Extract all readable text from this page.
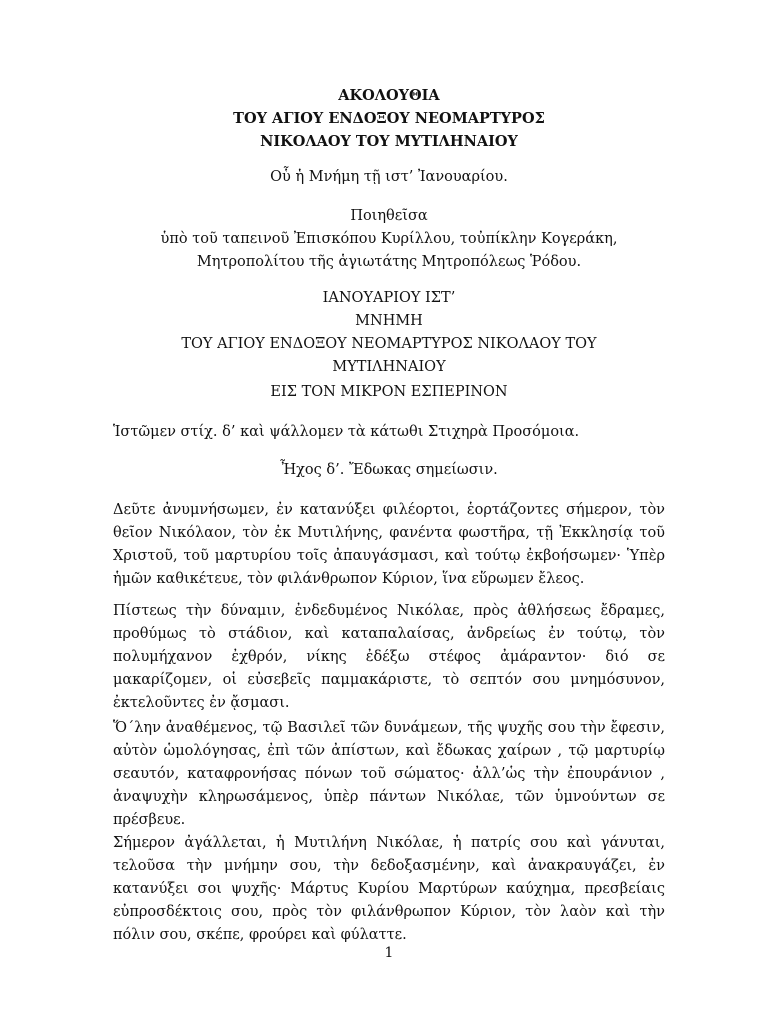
ΑΚΟΛΟΥΘΙΑ
ΤΟΥ ΑΓΙΟΥ ΕΝΔΟΞΟΥ ΝΕΟΜΑΡΤΥΡΟΣ
ΝΙΚΟΛΑΟΥ ΤΟΥ ΜΥΤΙΛΗΝΑΙΟΥ
Οὗ ἡ Μνήμη τῇ ιστ’ Ἰανουαρίου.
Ποιηθεῖσα
ὑπὸ τοῦ ταπεινοῦ Ἐπισκόπου Κυρίλλου, τοὐπίκλην Κογεράκη,
Μητροπολίτου τῆς ἁγιωτάτης Μητροπόλεως Ῥόδου.
ΙΑΝΟΥΑΡΙΟΥ ΙΣΤ’
ΜΝΗΜΗ
ΤΟΥ ΑΓΙΟΥ ΕΝΔΟΞΟΥ ΝΕΟΜΑΡΤΥΡΟΣ ΝΙΚΟΛΑΟΥ ΤΟΥ
ΜΥΤΙΛΗΝΑΙΟΥ
ΕΙΣ ΤΟΝ ΜΙΚΡΟΝ ΕΣΠΕΡΙΝΟΝ
Ἱστῶμεν στίχ. δ’ καὶ ψάλλομεν τὰ κάτωθι Στιχηρὰ Προσόμοια.
Ἦχος δ’. Ἔδωκας σημείωσιν.
Δεῦτε ἀνυμνήσωμεν, ἐν κατανύξει φιλέορτοι, ἑορτάζοντες σήμερον, τὸν
θεῖον Νικόλαον, τὸν ἐκ Μυτιλήνης, φανέντα φωστῆρα, τῇ Ἐκκλησίᾳ τοῦ
Χριστοῦ, τοῦ μαρτυρίου τοῖς ἀπαυγάσμασι, καὶ τούτῳ ἐκβοήσωμεν· Ὑπὲρ
ἡμῶν καθικέτευε, τὸν φιλάνθρωπον Κύριον, ἵνα εὕρωμεν ἔλεος.
Πίστεως τὴν δύναμιν, ἐνδεδυμένος Νικόλαε, πρὸς ἀθλήσεως ἔδραμες,
προθύμως τὸ στάδιον, καὶ καταπαλαίσας, ἀνδρείως ἐν τούτῳ, τὸν
πολυμήχανον ἐχθρόν, νίκης ἐδέξω στέφος ἀμάραντον· διό σε
μακαρίζομεν, οἱ εὐσεβεῖς παμμακάριστε, τὸ σεπτόν σου μνημόσυνον,
ἐκτελοῦντες ἐν ᾄσμασι.
Ὅ΄λην ἀναθέμενος, τῷ Βασιλεῖ τῶν δυνάμεων, τῆς ψυχῆς σου τὴν ἔφεσιν,
αὐτὸν ὡμολόγησας, ἐπὶ τῶν ἀπίστων, καὶ ἔδωκας χαίρων , τῷ μαρτυρίῳ
σεαυτόν, καταφρονήσας πόνων τοῦ σώματος· ἀλλ’ὡς τὴν ἐπουράνιον ,
ἀναψυχὴν κληρωσάμενος, ὑπὲρ πάντων Νικόλαε, τῶν ὑμνούντων σε
πρέσβευε.
Σήμερον ἀγάλλεται, ἡ Μυτιλήνη Νικόλαε, ἡ πατρίς σου καὶ γάνυται,
τελοῦσα τὴν μνήμην σου, τὴν δεδοξασμένην, καὶ ἀνακραυγάζει, ἐν
κατανύξει σοι ψυχῆς· Μάρτυς Κυρίου Μαρτύρων καύχημα, πρεσβείαις
εὐπροσδέκτοις σου, πρὸς τὸν φιλάνθρωπον Κύριον, τὸν λαὸν καὶ τὴν
πόλιν σου, σκέπε, φρούρει καὶ φύλαττε.
1
